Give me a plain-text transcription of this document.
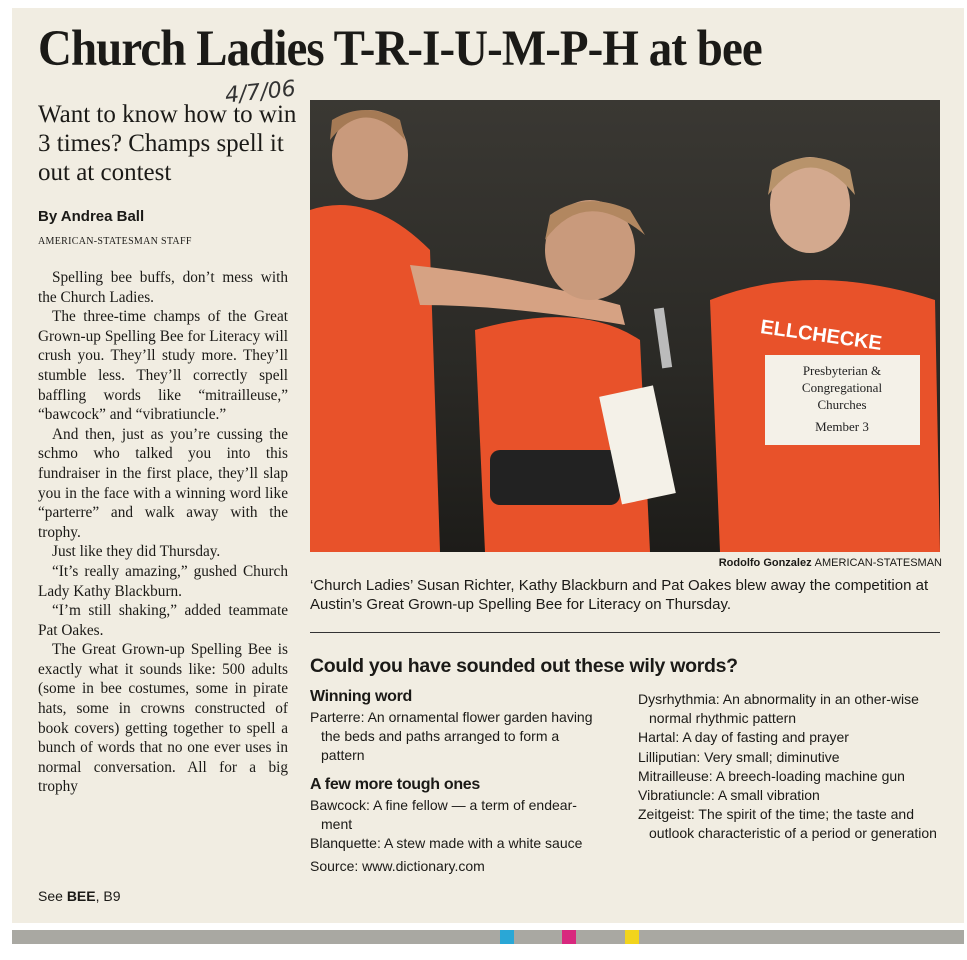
Church Ladies T-R-I-U-M-P-H at bee
4/7/06
Want to know how to win 3 times? Champs spell it out at contest
By Andrea Ball
AMERICAN-STATESMAN STAFF

Spelling bee buffs, don’t mess with the Church Ladies.

The three-time champs of the Great Grown-up Spelling Bee for Literacy will crush you. They’ll study more. They’ll stumble less. They’ll correctly spell baffling words like “mitrailleuse,” “bawcock” and “vibratiuncle.”

And then, just as you’re cussing the schmo who talked you into this fundraiser in the first place, they’ll slap you in the face with a winning word like “parterre” and walk away with the trophy.

Just like they did Thursday.

“It’s really amazing,” gushed Church Lady Kathy Blackburn.

“I’m still shaking,” added teammate Pat Oakes.

The Great Grown-up Spelling Bee is exactly what it sounds like: 500 adults (some in bee costumes, some in pirate hats, some in crowns constructed of book covers) getting together to spell a bunch of words that no one ever uses in normal conversation. All for a big trophy

See BEE, B9
ELLCHECKE
Presbyterian &
Congregational
Churches
Member 3
Rodolfo Gonzalez AMERICAN-STATESMAN
‘Church Ladies’ Susan Richter, Kathy Blackburn and Pat Oakes blew away the competition at Austin’s Great Grown-up Spelling Bee for Literacy on Thursday.
Could you have sounded out these wily words?
Winning word

Parterre: An ornamental flower garden having the beds and paths arranged to form a pattern

A few more tough ones

Bawcock: A fine fellow — a term of endear-ment

Blanquette: A stew made with a white sauce

Source: www.dictionary.com

Dysrhythmia: An abnormality in an other-wise normal rhythmic pattern

Hartal: A day of fasting and prayer

Lilliputian: Very small; diminutive

Mitrailleuse: A breech-loading machine gun

Vibratiuncle: A small vibration

Zeitgeist: The spirit of the time; the taste and outlook characteristic of a period or generation
